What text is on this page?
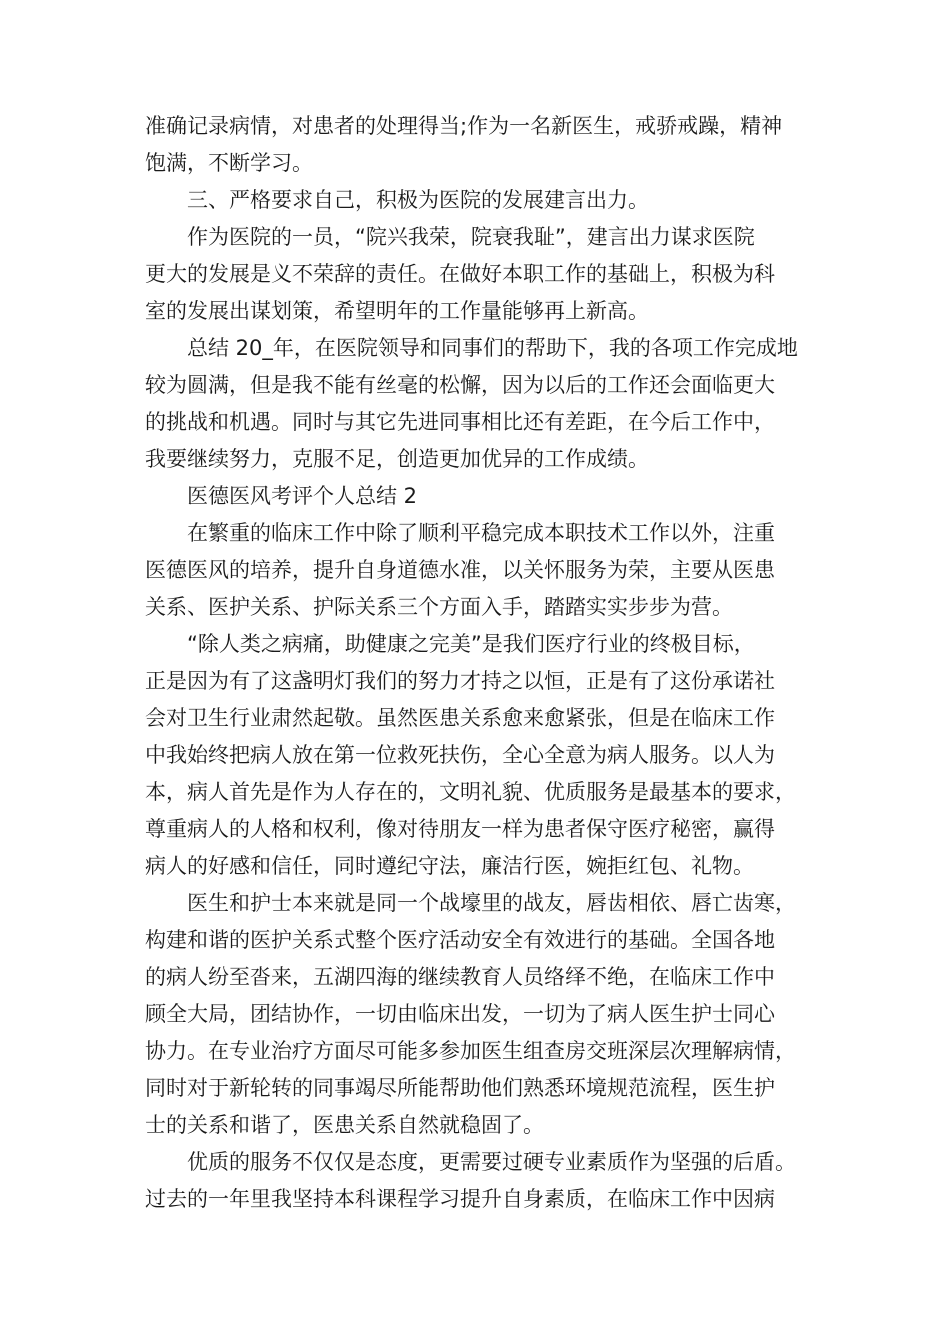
准确记录病情，对患者的处理得当;作为一名新医生，戒骄戒躁，精神
饱满，不断学习。
　　三、严格要求自己，积极为医院的发展建言出力。
　　作为医院的一员，“院兴我荣，院衰我耻”，建言出力谋求医院
更大的发展是义不荣辞的责任。在做好本职工作的基础上，积极为科
室的发展出谋划策，希望明年的工作量能够再上新高。
　　总结 20_年，在医院领导和同事们的帮助下，我的各项工作完成地
较为圆满，但是我不能有丝毫的松懈，因为以后的工作还会面临更大
的挑战和机遇。同时与其它先进同事相比还有差距，在今后工作中，
我要继续努力，克服不足，创造更加优异的工作成绩。
　　医德医风考评个人总结 2
　　在繁重的临床工作中除了顺利平稳完成本职技术工作以外，注重
医德医风的培养，提升自身道德水准，以关怀服务为荣，主要从医患
关系、医护关系、护际关系三个方面入手，踏踏实实步步为营。
　　“除人类之病痛，助健康之完美”是我们医疗行业的终极目标，
正是因为有了这盏明灯我们的努力才持之以恒，正是有了这份承诺社
会对卫生行业肃然起敬。虽然医患关系愈来愈紧张，但是在临床工作
中我始终把病人放在第一位救死扶伤，全心全意为病人服务。以人为
本，病人首先是作为人存在的，文明礼貌、优质服务是最基本的要求，
尊重病人的人格和权利，像对待朋友一样为患者保守医疗秘密，赢得
病人的好感和信任，同时遵纪守法，廉洁行医，婉拒红包、礼物。
　　医生和护士本来就是同一个战壕里的战友，唇齿相依、唇亡齿寒，
构建和谐的医护关系式整个医疗活动安全有效进行的基础。全国各地
的病人纷至沓来，五湖四海的继续教育人员络绎不绝，在临床工作中
顾全大局，团结协作，一切由临床出发，一切为了病人医生护士同心
协力。在专业治疗方面尽可能多参加医生组查房交班深层次理解病情，
同时对于新轮转的同事竭尽所能帮助他们熟悉环境规范流程，医生护
士的关系和谐了，医患关系自然就稳固了。
　　优质的服务不仅仅是态度，更需要过硬专业素质作为坚强的后盾。
过去的一年里我坚持本科课程学习提升自身素质，在临床工作中因病
